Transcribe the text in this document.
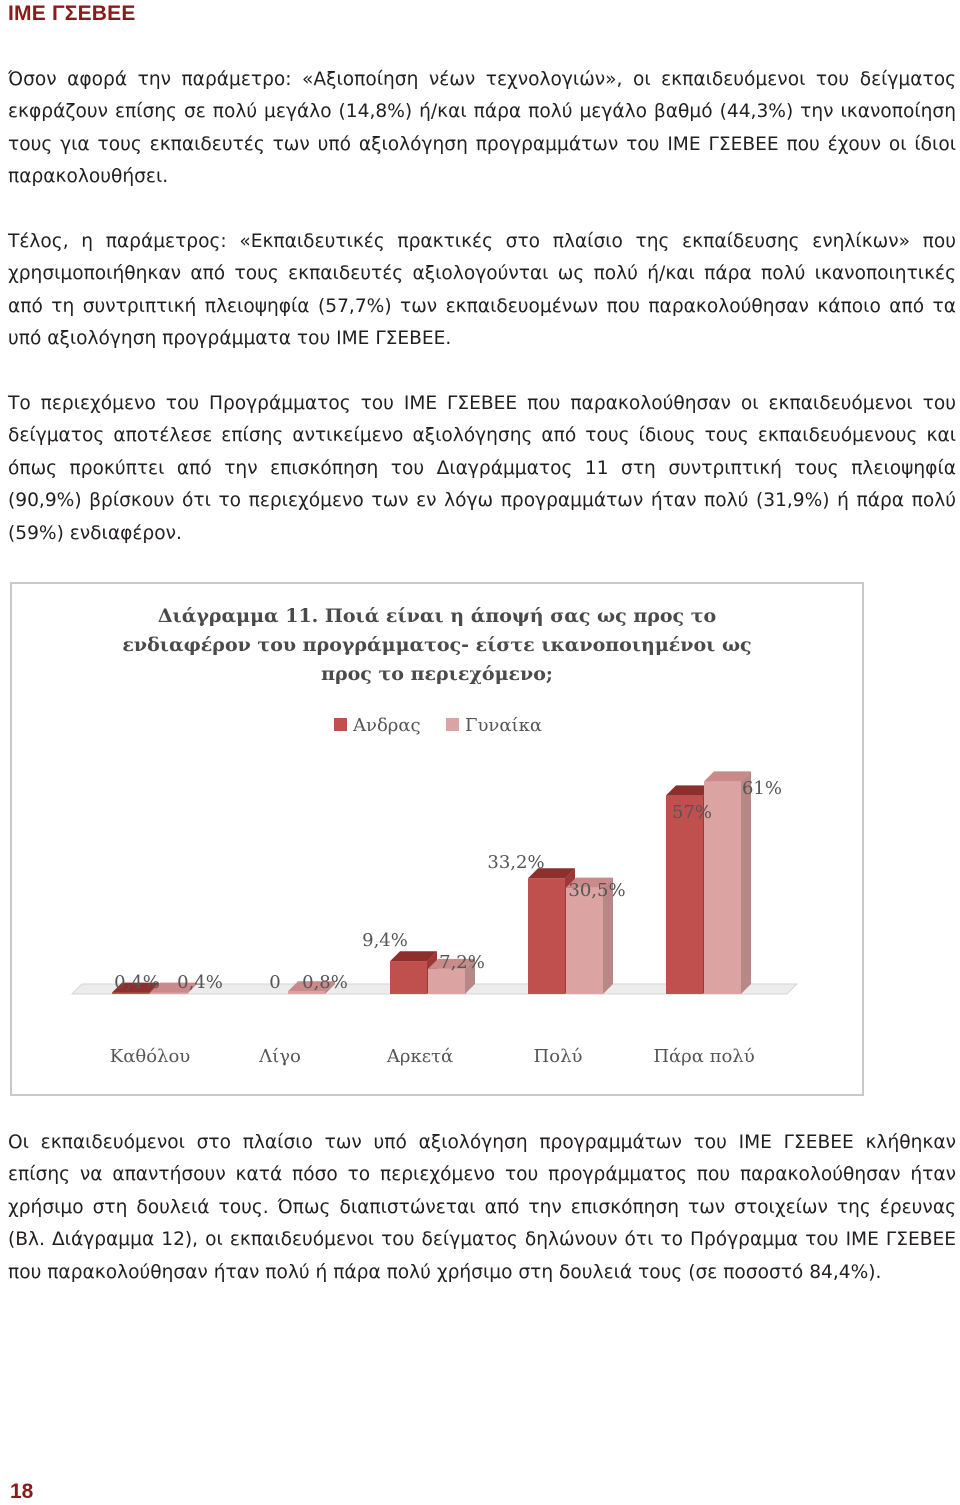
ΙΜΕ ΓΣΕΒΕΕ

Όσον αφορά την παράμετρο: «Αξιοποίηση νέων τεχνολογιών», οι εκπαιδευόμενοι του δείγματος εκφράζουν επίσης σε πολύ μεγάλο (14,8%) ή/και πάρα πολύ μεγάλο βαθμό (44,3%) την ικανοποίηση τους για τους εκπαιδευτές των υπό αξιολόγηση προγραμμάτων του ΙΜΕ ΓΣΕΒΕΕ που έχουν οι ίδιοι παρακολουθήσει.

Τέλος, η παράμετρος: «Εκπαιδευτικές πρακτικές στο πλαίσιο της εκπαίδευσης ενηλίκων» που χρησιμοποιήθηκαν από τους εκπαιδευτές αξιολογούνται ως πολύ ή/και πάρα πολύ ικανοποιητικές από τη συντριπτική πλειοψηφία (57,7%) των εκπαιδευομένων που παρακολούθησαν κάποιο από τα υπό αξιολόγηση προγράμματα του ΙΜΕ ΓΣΕΒΕΕ.

Το περιεχόμενο του Προγράμματος του ΙΜΕ ΓΣΕΒΕΕ που παρακολούθησαν οι εκπαιδευόμενοι του δείγματος αποτέλεσε επίσης αντικείμενο αξιολόγησης από τους ίδιους τους εκπαιδευόμενους και όπως προκύπτει από την επισκόπηση του Διαγράμματος 11 στη συντριπτική τους πλειοψηφία (90,9%) βρίσκουν ότι το περιεχόμενο των εν λόγω προγραμμάτων ήταν πολύ (31,9%) ή πάρα πολύ (59%) ενδιαφέρον.

Διάγραμμα 11. Ποιά είναι η άποψή σας ως προς το
ενδιαφέρον του προγράμματος- είστε ικανοποιημένοι ως
προς το περιεχόμενο;
Ανδρας Γυναίκα
0,4%	0
9,4%
33,2%
57%
0,4%	0,8%
7,2%
30,5%
61%
Καθόλου	Λίγο	Αρκετά	Πολύ	Πάρα πολύ

Οι εκπαιδευόμενοι στο πλαίσιο των υπό αξιολόγηση προγραμμάτων του ΙΜΕ ΓΣΕΒΕΕ κλήθηκαν επίσης να απαντήσουν κατά πόσο το περιεχόμενο του προγράμματος που παρακολούθησαν ήταν χρήσιμο στη δουλειά τους. Όπως διαπιστώνεται από την επισκόπηση των στοιχείων της έρευνας (Βλ. Διάγραμμα 12), οι εκπαιδευόμενοι του δείγματος δηλώνουν ότι το Πρόγραμμα του ΙΜΕ ΓΣΕΒΕΕ που παρακολούθησαν ήταν πολύ ή πάρα πολύ χρήσιμο στη δουλειά τους (σε ποσοστό 84,4%).

18
